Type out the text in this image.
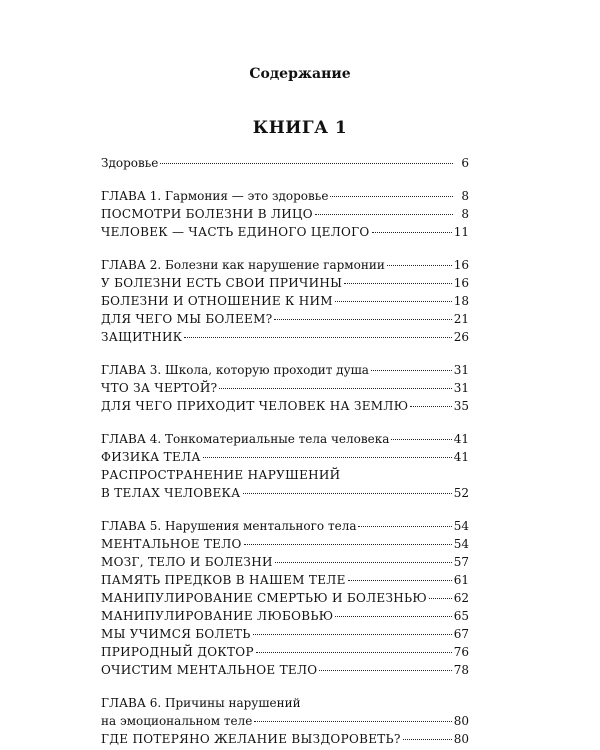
Содержание
КНИГА 1
Здоровье	6
ГЛАВА 1. Гармония — это здоровье	8
ПОСМОТРИ БОЛЕЗНИ В ЛИЦО	8
ЧЕЛОВЕК — ЧАСТЬ ЕДИНОГО ЦЕЛОГО	11
ГЛАВА 2. Болезни как нарушение гармонии	16
У БОЛЕЗНИ ЕСТЬ СВОИ ПРИЧИНЫ	16
БОЛЕЗНИ И ОТНОШЕНИЕ К НИМ	18
ДЛЯ ЧЕГО МЫ БОЛЕЕМ?	21
ЗАЩИТНИК	26
ГЛАВА 3. Школа, которую проходит душа	31
ЧТО ЗА ЧЕРТОЙ?	31
ДЛЯ ЧЕГО ПРИХОДИТ ЧЕЛОВЕК НА ЗЕМЛЮ	35
ГЛАВА 4. Тонкоматериальные тела человека	41
ФИЗИКА ТЕЛА	41
РАСПРОСТРАНЕНИЕ НАРУШЕНИЙ
В ТЕЛАХ ЧЕЛОВЕКА	52
ГЛАВА 5. Нарушения ментального тела	54
МЕНТАЛЬНОЕ ТЕЛО	54
МОЗГ, ТЕЛО И БОЛЕЗНИ	57
ПАМЯТЬ ПРЕДКОВ В НАШЕМ ТЕЛЕ	61
МАНИПУЛИРОВАНИЕ СМЕРТЬЮ И БОЛЕЗНЬЮ 62
МАНИПУЛИРОВАНИЕ ЛЮБОВЬЮ	65
МЫ УЧИМСЯ БОЛЕТЬ	67
ПРИРОДНЫЙ ДОКТОР	76
ОЧИСТИМ МЕНТАЛЬНОЕ ТЕЛО	78
ГЛАВА 6. Причины нарушений
на эмоциональном теле	80
ГДЕ ПОТЕРЯНО ЖЕЛАНИЕ ВЫЗДОРОВЕТЬ?	80
